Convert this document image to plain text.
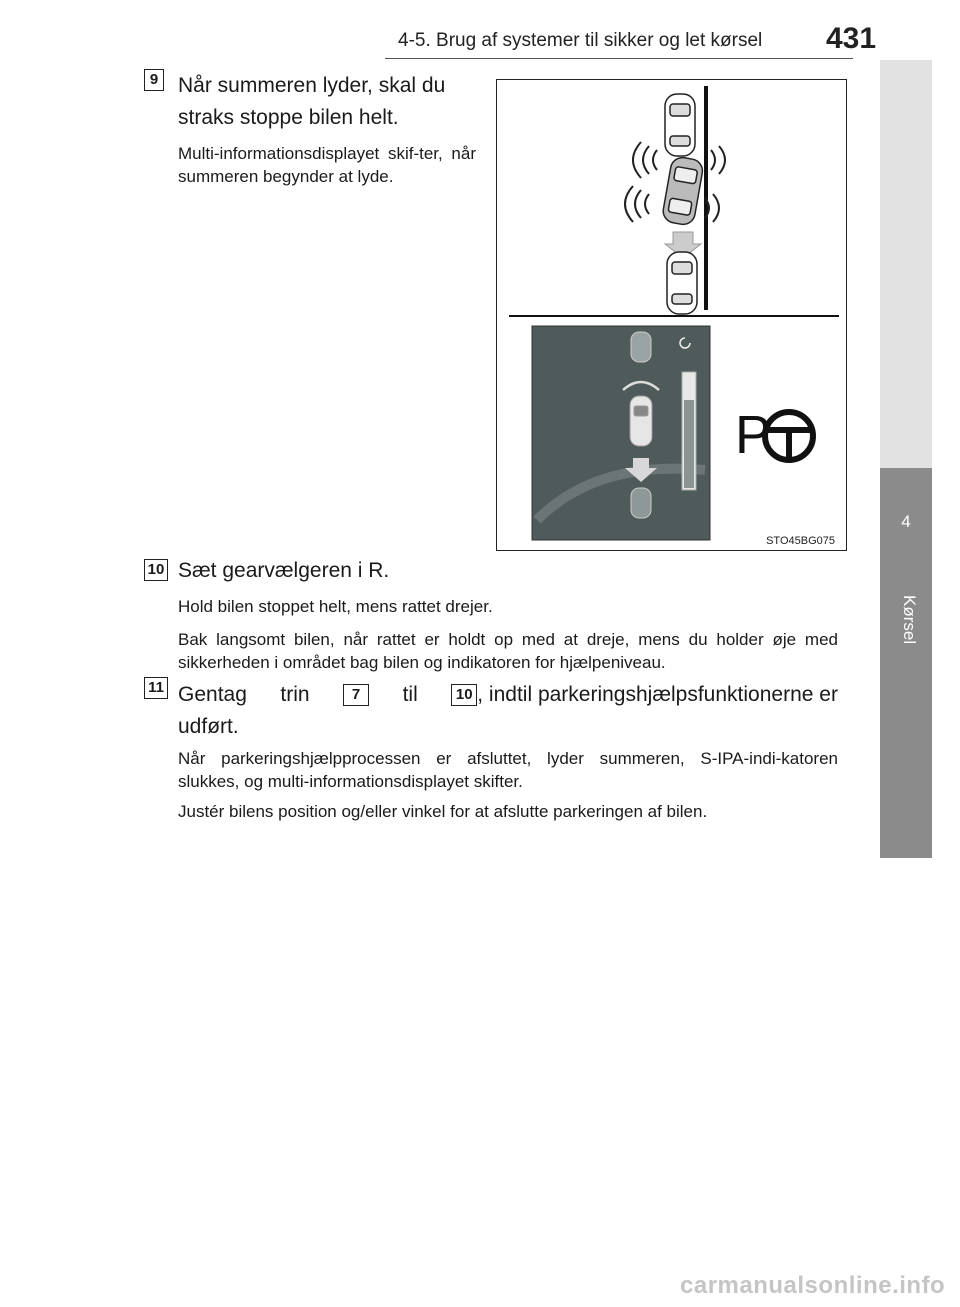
4-5. Brug af systemer til sikker og let kørsel 431
4
Kørsel
9 Når summeren lyder, skal du straks stoppe bilen helt.
Multi-informationsdisplayet skif-ter, når summeren begynder at lyde.
P
STO45BG075
10 Sæt gearvælgeren i R.
Hold bilen stoppet helt, mens rattet drejer.
Bak langsomt bilen, når rattet er holdt op med at dreje, mens du holder øje med sikkerheden i området bag bilen og indikatoren for hjælpeniveau.
11 Gentag trin	7	til	10 , indtil parkeringshjælpsfunktionerne er
udført.
Når parkeringshjælpprocessen er afsluttet, lyder summeren, S-IPA-indi-katoren slukkes, og multi-informationsdisplayet skifter.
Justér bilens position og/eller vinkel for at afslutte parkeringen af bilen.
carmanualsonline.info
